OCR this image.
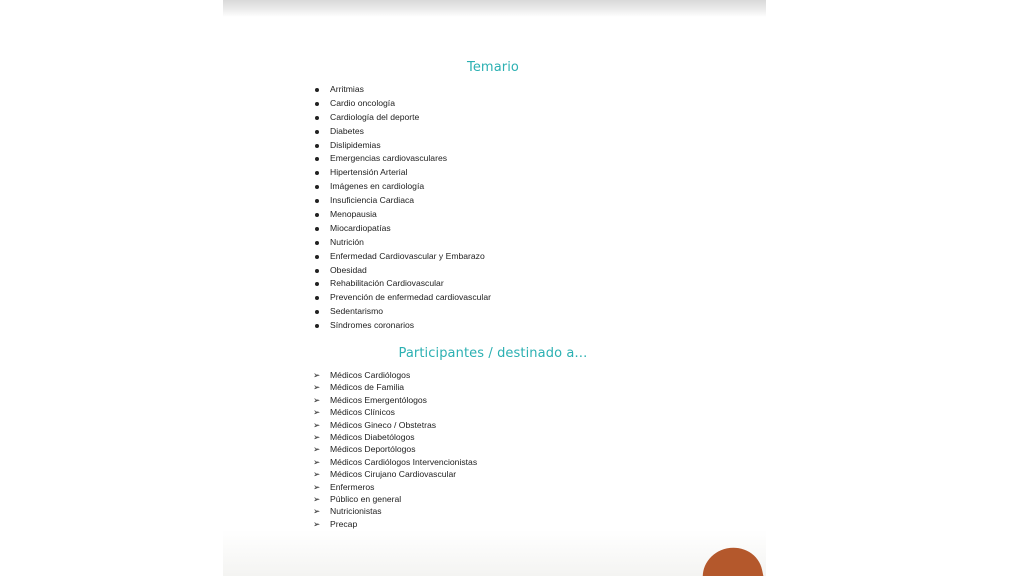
Temario
Arritmias
Cardio oncología
Cardiología del deporte
Diabetes
Dislipidemias
Emergencias cardiovasculares
Hipertensión Arterial
Imágenes en cardiología
Insuficiencia Cardiaca
Menopausia
Miocardiopatías
Nutrición
Enfermedad Cardiovascular y Embarazo
Obesidad
Rehabilitación Cardiovascular
Prevención de enfermedad cardiovascular
Sedentarismo
Síndromes coronarios
Participantes / destinado a…
➢ Médicos Cardiólogos
➢ Médicos de Familia
➢ Médicos Emergentólogos
➢ Médicos Clínicos
➢ Médicos Gineco / Obstetras
➢ Médicos Diabetólogos
➢ Médicos Deportólogos
➢ Médicos Cardiólogos Intervencionistas
➢ Médicos Cirujano Cardiovascular
➢ Enfermeros
➢ Público en general
➢ Nutricionistas
➢ Precap
